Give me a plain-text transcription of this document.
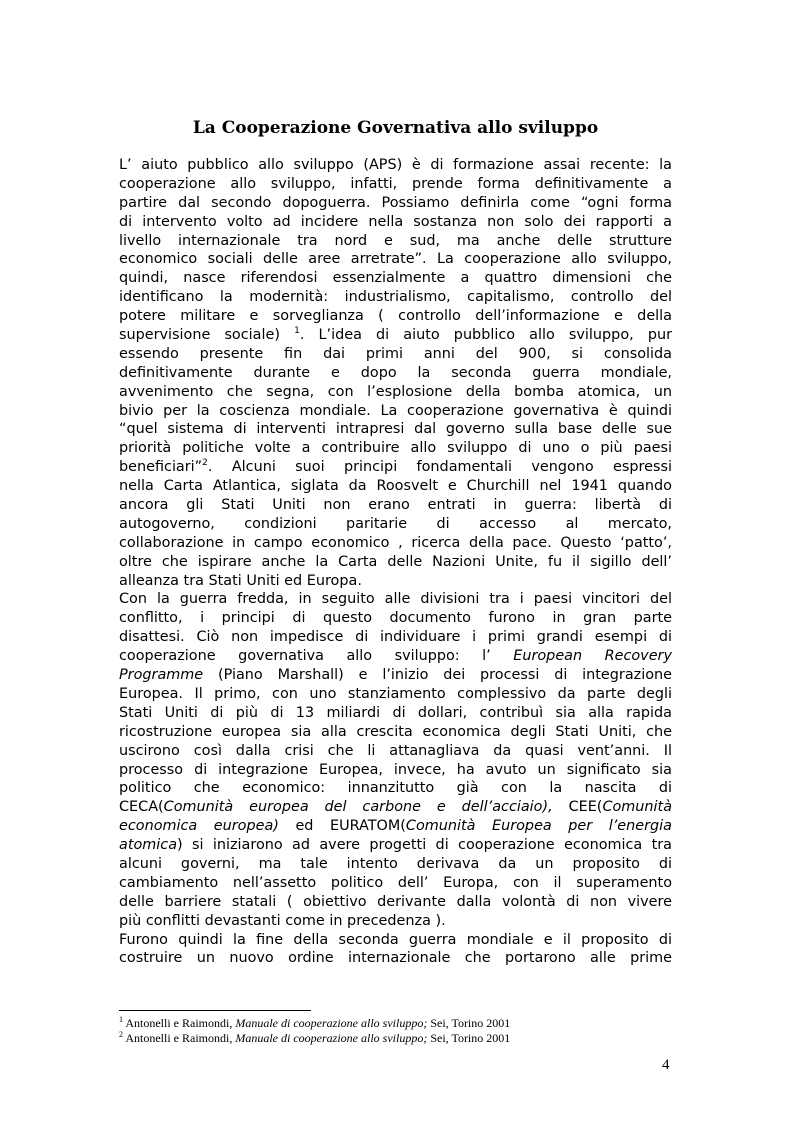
La Cooperazione Governativa allo sviluppo
L’ aiuto pubblico allo sviluppo (APS) è di formazione assai recente: la
cooperazione allo sviluppo, infatti, prende forma definitivamente a
partire dal secondo dopoguerra. Possiamo definirla come “ogni forma
di intervento volto ad incidere nella sostanza non solo dei rapporti a
livello internazionale tra nord e sud, ma anche delle strutture
economico sociali delle aree arretrate”. La cooperazione allo sviluppo,
quindi, nasce riferendosi essenzialmente a quattro dimensioni che
identificano la modernità: industrialismo, capitalismo, controllo del
potere militare e sorveglianza ( controllo dell’informazione e della
supervisione sociale) $^1$. L’idea di aiuto pubblico allo sviluppo, pur
essendo presente fin dai primi anni del 900, si consolida
definitivamente durante e dopo la seconda guerra mondiale,
avvenimento che segna, con l’esplosione della bomba atomica, un
bivio per la coscienza mondiale. La cooperazione governativa è quindi
“quel sistema di interventi intrapresi dal governo sulla base delle sue
priorità politiche volte a contribuire allo sviluppo di uno o più paesi
beneficiari”$^2$. Alcuni suoi principi fondamentali vengono espressi
nella Carta Atlantica, siglata da Roosvelt e Churchill nel 1941 quando
ancora gli Stati Uniti non erano entrati in guerra: libertà di
autogoverno, condizioni paritarie di accesso al mercato,
collaborazione in campo economico , ricerca della pace. Questo ‘patto’,
oltre che ispirare anche la Carta delle Nazioni Unite, fu il sigillo dell’
alleanza tra Stati Uniti ed Europa.
Con la guerra fredda, in seguito alle divisioni tra i paesi vincitori del
conflitto, i principi di questo documento furono in gran parte
disattesi. Ciò non impedisce di individuare i primi grandi esempi di
cooperazione governativa allo sviluppo: l’ European Recovery
Programme (Piano Marshall) e l’inizio dei processi di integrazione
Europea. Il primo, con uno stanziamento complessivo da parte degli
Stati Uniti di più di 13 miliardi di dollari, contribuì sia alla rapida
ricostruzione europea sia alla crescita economica degli Stati Uniti, che
uscirono così dalla crisi che li attanagliava da quasi vent’anni. Il
processo di integrazione Europea, invece, ha avuto un significato sia
politico che economico: innanzitutto già con la nascita di
CECA(Comunità europea del carbone e dell’acciaio), CEE(Comunità
economica europea) ed EURATOM(Comunità Europea per l’energia
atomica) si iniziarono ad avere progetti di cooperazione economica tra
alcuni governi, ma tale intento derivava da un proposito di
cambiamento nell’assetto politico dell’ Europa, con il superamento
delle barriere statali ( obiettivo derivante dalla volontà di non vivere
più conflitti devastanti come in precedenza ).
Furono quindi la fine della seconda guerra mondiale e il proposito di
costruire un nuovo ordine internazionale che portarono alle prime
$^1$ Antonelli e Raimondi, Manuale di cooperazione allo sviluppo; Sei, Torino 2001
$^2$ Antonelli e Raimondi, Manuale di cooperazione allo sviluppo; Sei, Torino 2001
4
